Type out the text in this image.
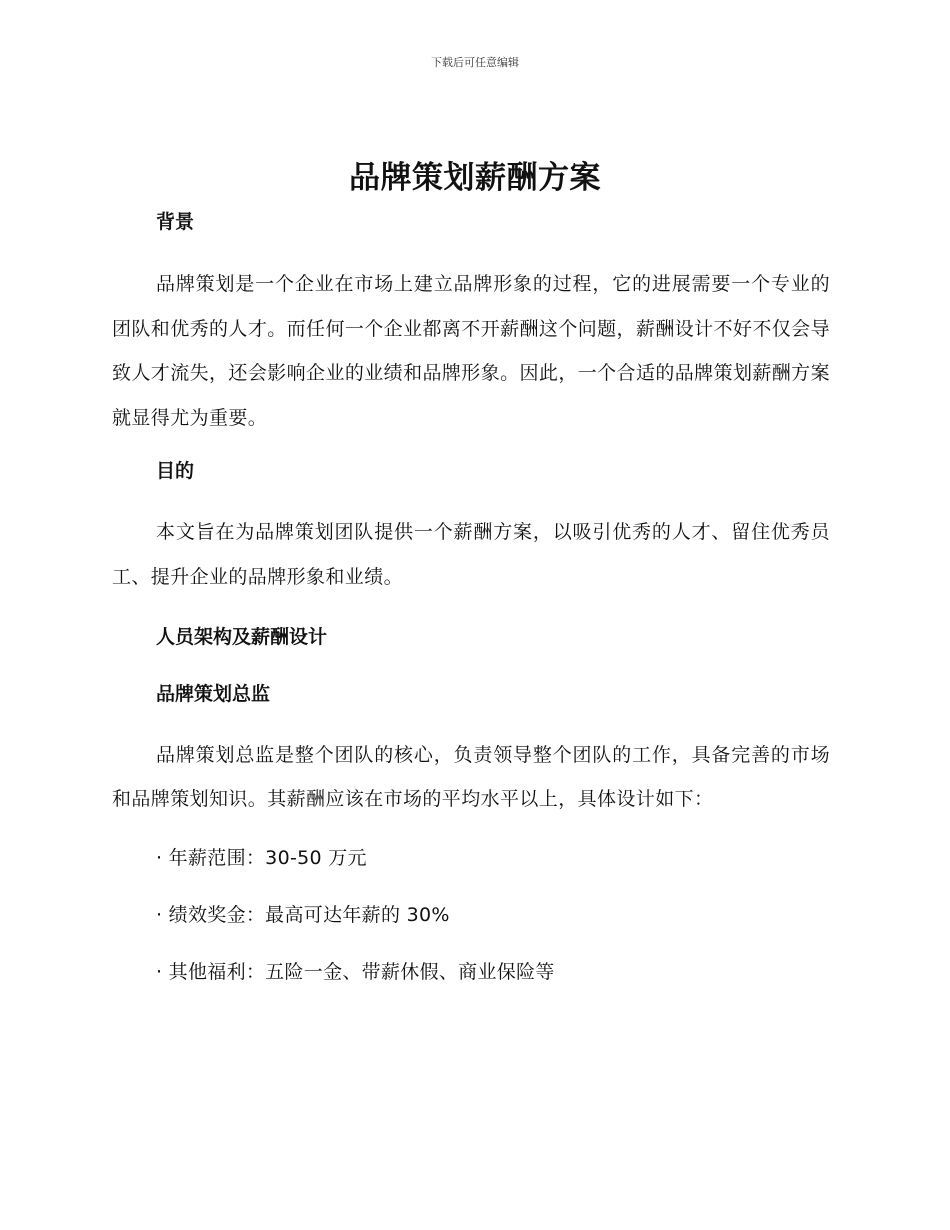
下载后可任意编辑
品牌策划薪酬方案
背景

品牌策划是一个企业在市场上建立品牌形象的过程，它的进展需要一个专业的团队和优秀的人才。而任何一个企业都离不开薪酬这个问题，薪酬设计不好不仅会导致人才流失，还会影响企业的业绩和品牌形象。因此，一个合适的品牌策划薪酬方案就显得尤为重要。

目的

本文旨在为品牌策划团队提供一个薪酬方案，以吸引优秀的人才、留住优秀员工、提升企业的品牌形象和业绩。

人员架构及薪酬设计
品牌策划总监

品牌策划总监是整个团队的核心，负责领导整个团队的工作，具备完善的市场和品牌策划知识。其薪酬应该在市场的平均水平以上，具体设计如下：

· 年薪范围：30-50 万元

· 绩效奖金：最高可达年薪的 30%

· 其他福利：五险一金、带薪休假、商业保险等
